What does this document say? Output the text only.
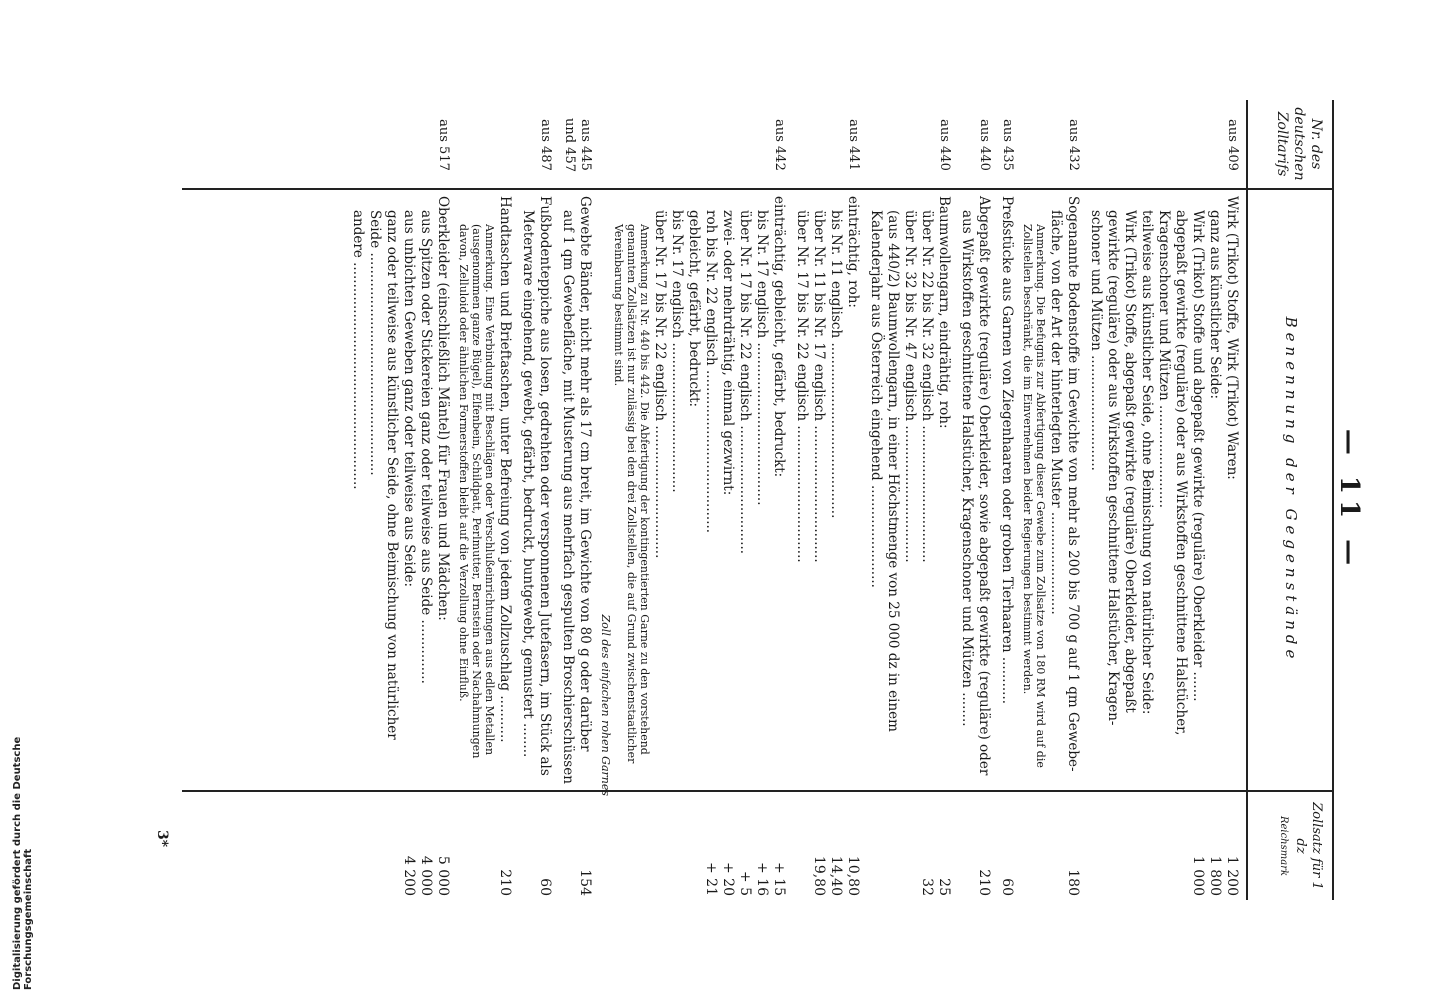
— 11 —
Nr. des deutschen Zolltarifs
Benennung der Gegenstände
Zollsatz für 1 dz
Reichsmark
aus 409
Wirk (Trikot) Stoffe, Wirk (Trikot) Waren:
ganz aus künstlicher Seide:
Wirk (Trikot) Stoffe und abgepaßt gewirkte (reguläre) Oberkleider .......
abgepaßt gewirkte (reguläre) oder aus Wirkstoffen geschnittene Halstücher,
Kragenschoner und Mützen ........................
teilweise aus künstlicher Seide, ohne Beimischung von natürlicher Seide:
Wirk (Trikot) Stoffe, abgepaßt gewirkte (reguläre) Oberkleider, abgepaßt
gewirkte (reguläre) oder aus Wirkstoffen geschnittene Halstücher, Kragen-
schoner und Mützen ...........................
1 200
1 800
1 000
aus 432
Sogenannte Bodenstoffe im Gewichte von mehr als 200 bis 700 g auf 1 qm Gewebe-
fläche, von der Art der hinterlegten Muster ........................
Anmerkung. Die Befugnis zur Abfertigung dieser Gewebe zum Zollsatze von 180 RM wird auf die Zollstellen beschränkt, die im Einvernehmen beider Regierungen bestimmt werden.
180
aus 435
Preßstücke aus Garnen von Ziegenhaaren oder groben Tierhaaren ...........
60
aus 440
Abgepaßt gewirkte (reguläre) Oberkleider, sowie abgepaßt gewirkte (reguläre) oder
aus Wirkstoffen geschnittene Halstücher, Kragenschoner und Mützen ........
210
aus 440
Baumwollengarn, eindrähtig, roh:
über Nr. 22 bis Nr. 32 englisch ................................
über Nr. 32 bis Nr. 47 englisch ................................
(aus 440/2) Baumwollengarn, in einer Höchstmenge von 25 000 dz in einem
Kalenderjahr aus Österreich eingehend ........................
25
32
aus 441
einträchtig, roh:
bis Nr. 11 englisch .........................................
über Nr. 11 bis Nr. 17 englisch ................................
über Nr. 17 bis Nr. 22 englisch ................................
10,80
14,40
19,80
aus 442
einträchtig, gebleicht, gefärbt, bedruckt:
bis Nr. 17 englisch ......................................
über Nr. 17 bis Nr. 22 englisch ..............................
zwei- oder mehrdrähtig, einmal gezwirnt:
roh bis Nr. 22 englisch ......................................
gebleicht, gefärbt, bedruckt:
bis Nr. 17 englisch ...................................
über Nr. 17 bis Nr. 22 englisch ...............................
Anmerkung zu Nr. 440 bis 442. Die Abfertigung der kontingentierten Garne zu den vorstehend genannten Zollsätzen ist nur zulässig bei den drei Zollstellen, die auf Grund zwischenstaatlicher Vereinbarung bestimmt sind.
Zoll des einfachen rohen Garnes
+ 15
+ 16
+ 5
+ 20
+ 21
aus 445 und 457
Gewebte Bänder, nicht mehr als 17 cm breit, im Gewichte von 80 g oder darüber
auf 1 qm Gewebefläche, mit Musterung aus mehrfach gespulten Broschierschüssen
154
aus 487
Fußbodenteppiche aus losen, gedrehten oder versponnenen Jutefasern, im Stück als
Meterware eingehend, gewebt, gefärbt, bedruckt, buntgewebt, gemustert ........
60
Handtaschen und Brieftaschen, unter Befreiung von jedem Zollzuschlag ...........
Anmerkung. Eine Verbindung mit Beschlägen oder Verschlußeinrichtungen aus edlen Metallen (ausgenommen ganze Bügel), Elfenbein, Schildpatt, Perlmutter, Bernstein oder Nachahmungen davon, Zelluloid oder ähnlichen Formerstoffen bleibt auf die Verzollung ohne Einfluß.
210
aus 517
Oberkleider (einschließlich Mäntel) für Frauen und Mädchen:
aus Spitzen oder Stickereien ganz oder teilweise aus Seide ...............
aus unbichten Geweben ganz oder teilweise aus Seide:
ganz oder teilweise aus künstlicher Seide, ohne Beimischung von natürlicher
Seide ....................................................
andere .....................................................
5 000
4 000
4 200
3*
Digitalisierung gefördert durch die Deutsche Forschungsgemeinschaft
